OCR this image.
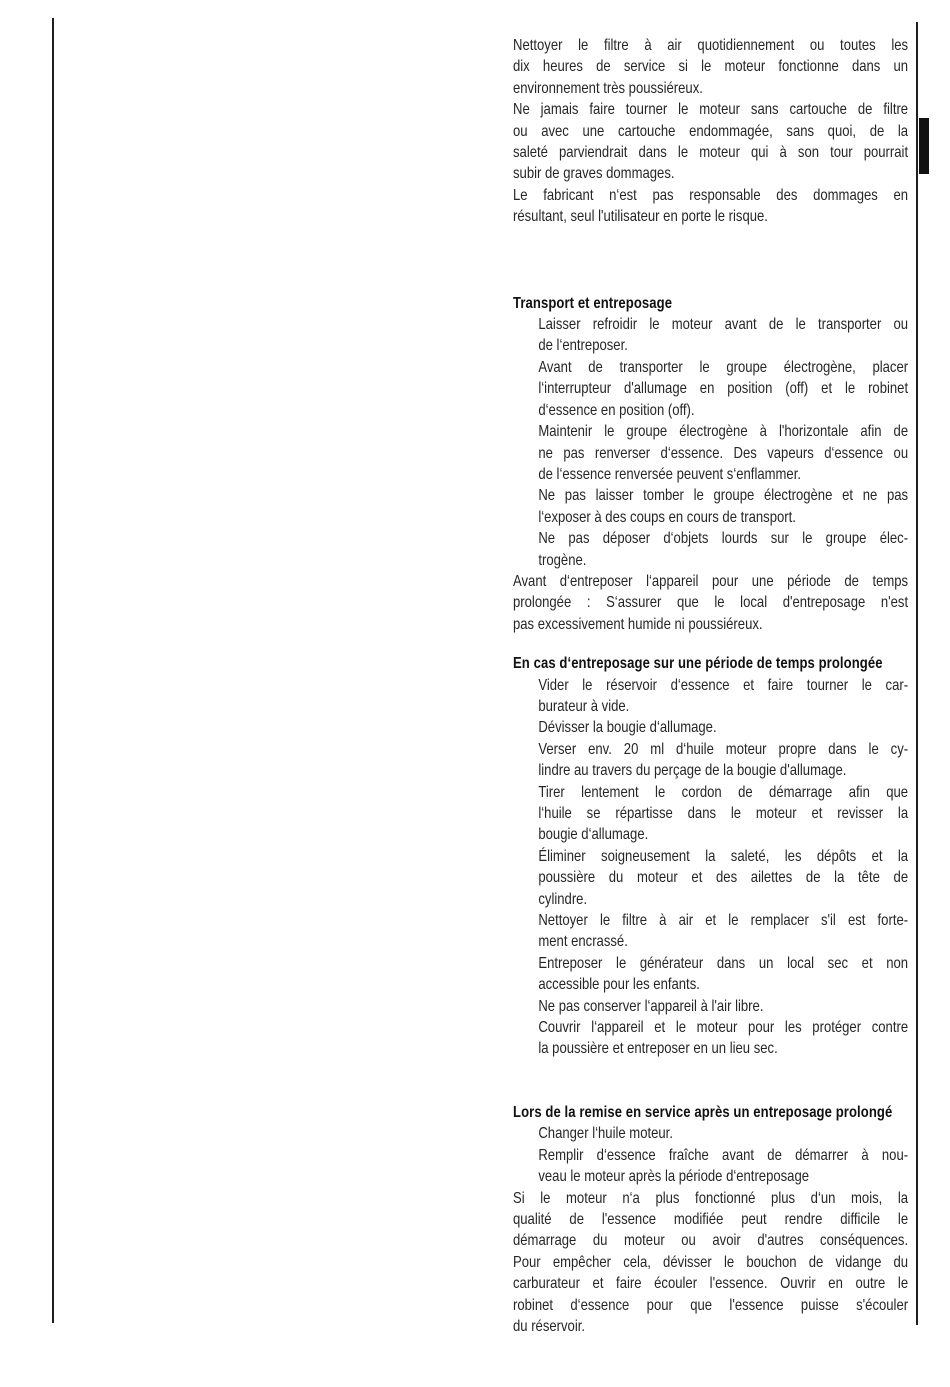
Nettoyer le filtre à air quotidiennement ou toutes les
dix heures de service si le moteur fonctionne dans un
environnement très poussiéreux.
Ne jamais faire tourner le moteur sans cartouche de filtre
ou avec une cartouche endommagée, sans quoi, de la
saleté parviendrait dans le moteur qui à son tour pourrait
subir de graves dommages.
Le fabricant n‘est pas responsable des dommages en
résultant, seul l'utilisateur en porte le risque.
Transport et entreposage
Laisser refroidir le moteur avant de le transporter ou
de l‘entreposer.
Avant de transporter le groupe électrogène, placer
l‘interrupteur d'allumage en position (off) et le robinet
d‘essence en position (off).
Maintenir le groupe électrogène à l'horizontale afin de
ne pas renverser d‘essence. Des vapeurs d‘essence ou
de l‘essence renversée peuvent s‘enflammer.
Ne pas laisser tomber le groupe électrogène et ne pas
l‘exposer à des coups en cours de transport.
Ne pas déposer d‘objets lourds sur le groupe élec-
trogène.
Avant d‘entreposer l‘appareil pour une période de temps
prolongée : S‘assurer que le local d'entreposage n'est
pas excessivement humide ni poussiéreux.
En cas d‘entreposage sur une période de temps prolongée
Vider le réservoir d‘essence et faire tourner le car-
burateur à vide.
Dévisser la bougie d‘allumage.
Verser env. 20 ml d‘huile moteur propre dans le cy-
lindre au travers du perçage de la bougie d'allumage.
Tirer lentement le cordon de démarrage afin que
l‘huile se répartisse dans le moteur et revisser la
bougie d‘allumage.
Éliminer soigneusement la saleté, les dépôts et la
poussière du moteur et des ailettes de la tête de
cylindre.
Nettoyer le filtre à air et le remplacer s'il est forte-
ment encrassé.
Entreposer le générateur dans un local sec et non
accessible pour les enfants.
Ne pas conserver l‘appareil à l'air libre.
Couvrir l‘appareil et le moteur pour les protéger contre
la poussière et entreposer en un lieu sec.
Lors de la remise en service après un entreposage prolongé
Changer l‘huile moteur.
Remplir d‘essence fraîche avant de démarrer à nou-
veau le moteur après la période d‘entreposage
Si le moteur n‘a plus fonctionné plus d‘un mois, la
qualité de l'essence modifiée peut rendre difficile le
démarrage du moteur ou avoir d'autres conséquences.
Pour empêcher cela, dévisser le bouchon de vidange du
carburateur et faire écouler l'essence. Ouvrir en outre le
robinet d‘essence pour que l'essence puisse s'écouler
du réservoir.
